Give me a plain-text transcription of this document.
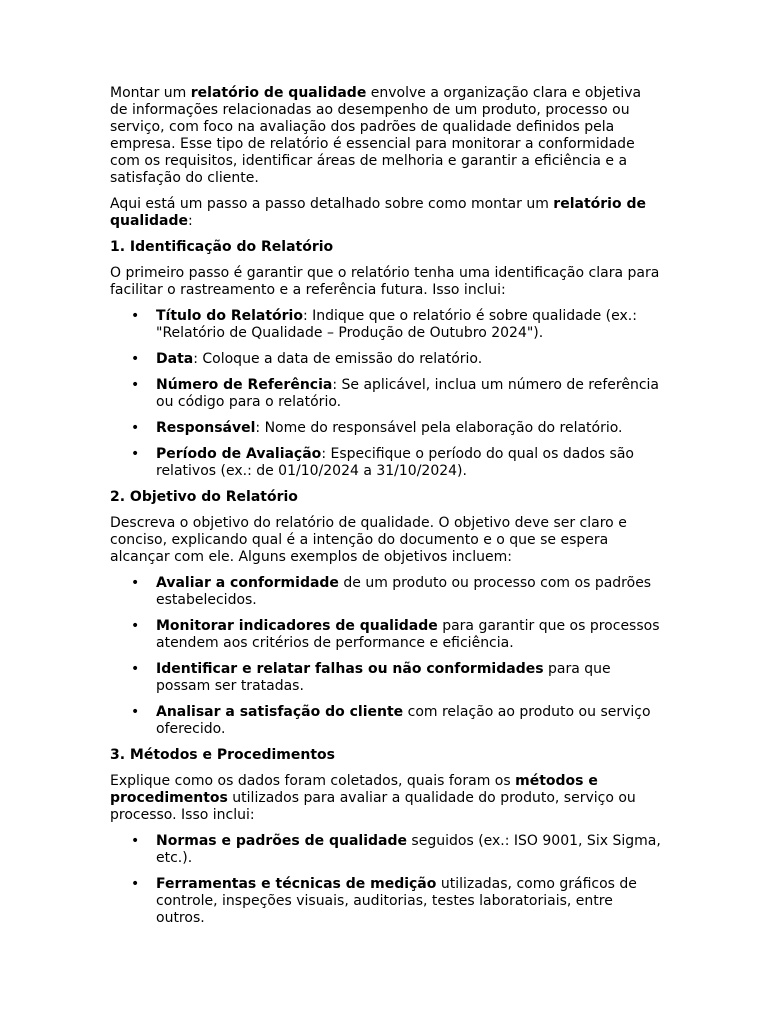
Montar um relatório de qualidade envolve a organização clara e objetiva de informações relacionadas ao desempenho de um produto, processo ou serviço, com foco na avaliação dos padrões de qualidade definidos pela empresa. Esse tipo de relatório é essencial para monitorar a conformidade com os requisitos, identificar áreas de melhoria e garantir a eficiência e a satisfação do cliente.

Aqui está um passo a passo detalhado sobre como montar um relatório de qualidade:

1. Identificação do Relatório

O primeiro passo é garantir que o relatório tenha uma identificação clara para facilitar o rastreamento e a referência futura. Isso inclui:

• Título do Relatório: Indique que o relatório é sobre qualidade (ex.: "Relatório de Qualidade – Produção de Outubro 2024").
• Data: Coloque a data de emissão do relatório.
• Número de Referência: Se aplicável, inclua um número de referência ou código para o relatório.
• Responsável: Nome do responsável pela elaboração do relatório.
• Período de Avaliação: Especifique o período do qual os dados são relativos (ex.: de 01/10/2024 a 31/10/2024).
2. Objetivo do Relatório

Descreva o objetivo do relatório de qualidade. O objetivo deve ser claro e conciso, explicando qual é a intenção do documento e o que se espera alcançar com ele. Alguns exemplos de objetivos incluem:

• Avaliar a conformidade de um produto ou processo com os padrões estabelecidos.
• Monitorar indicadores de qualidade para garantir que os processos atendem aos critérios de performance e eficiência.
• Identificar e relatar falhas ou não conformidades para que possam ser tratadas.
• Analisar a satisfação do cliente com relação ao produto ou serviço oferecido.
3. Métodos e Procedimentos

Explique como os dados foram coletados, quais foram os métodos e procedimentos utilizados para avaliar a qualidade do produto, serviço ou processo. Isso inclui:

• Normas e padrões de qualidade seguidos (ex.: ISO 9001, Six Sigma, etc.).
• Ferramentas e técnicas de medição utilizadas, como gráficos de controle, inspeções visuais, auditorias, testes laboratoriais, entre outros.
